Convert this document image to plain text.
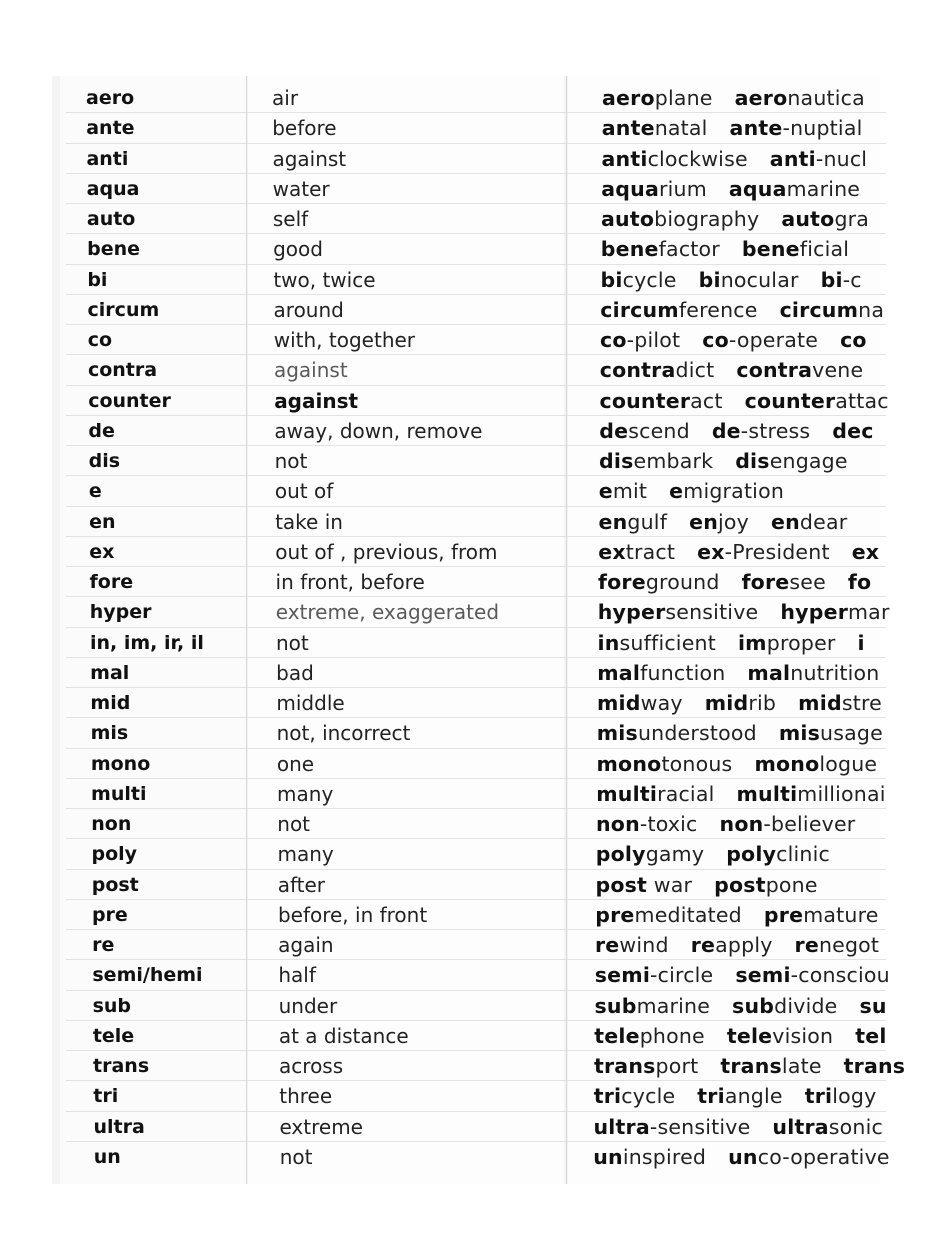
aero	air	aeroplane aeronautica
ante	before	antenatal ante-nuptial
anti	against	anticlockwise anti-nucl
aqua	water	aquarium aquamarine
auto	self	autobiography autogra
bene	good	benefactor beneficial
bi	two, twice	bicycle binocular bi-c
circum	around	circumference circumna
co	with, together	co-pilot co-operate co
contra	against	contradict contravene
counter	against	counteract counterattac
de	away, down, remove	descend de-stress dec
dis	not	disembark disengage
e	out of	emit emigration
en	take in	engulf enjoy endear
ex	out of , previous, from	extract ex-President ex
fore	in front, before	foreground foresee fo
hyper	extreme, exaggerated	hypersensitive hypermar
in, im, ir, il	not	insufficient improper i
mal	bad	malfunction malnutrition
mid	middle	midway midrib midstre
mis	not, incorrect	misunderstood misusage
mono	one	monotonous monologue
multi	many	multiracial multimillionai
non	not	non-toxic non-believer
poly	many	polygamy polyclinic
post	after	post war postpone
pre	before, in front	premeditated premature
re	again	rewind reapply renegot
semi/hemi	half	semi-circle semi-consciou
sub	under	submarine subdivide su
tele	at a distance	telephone television tel
trans	across	transport translate trans
tri	three	tricycle triangle trilogy
ultra	extreme	ultra-sensitive ultrasonic
un	not	uninspired unco-operative
